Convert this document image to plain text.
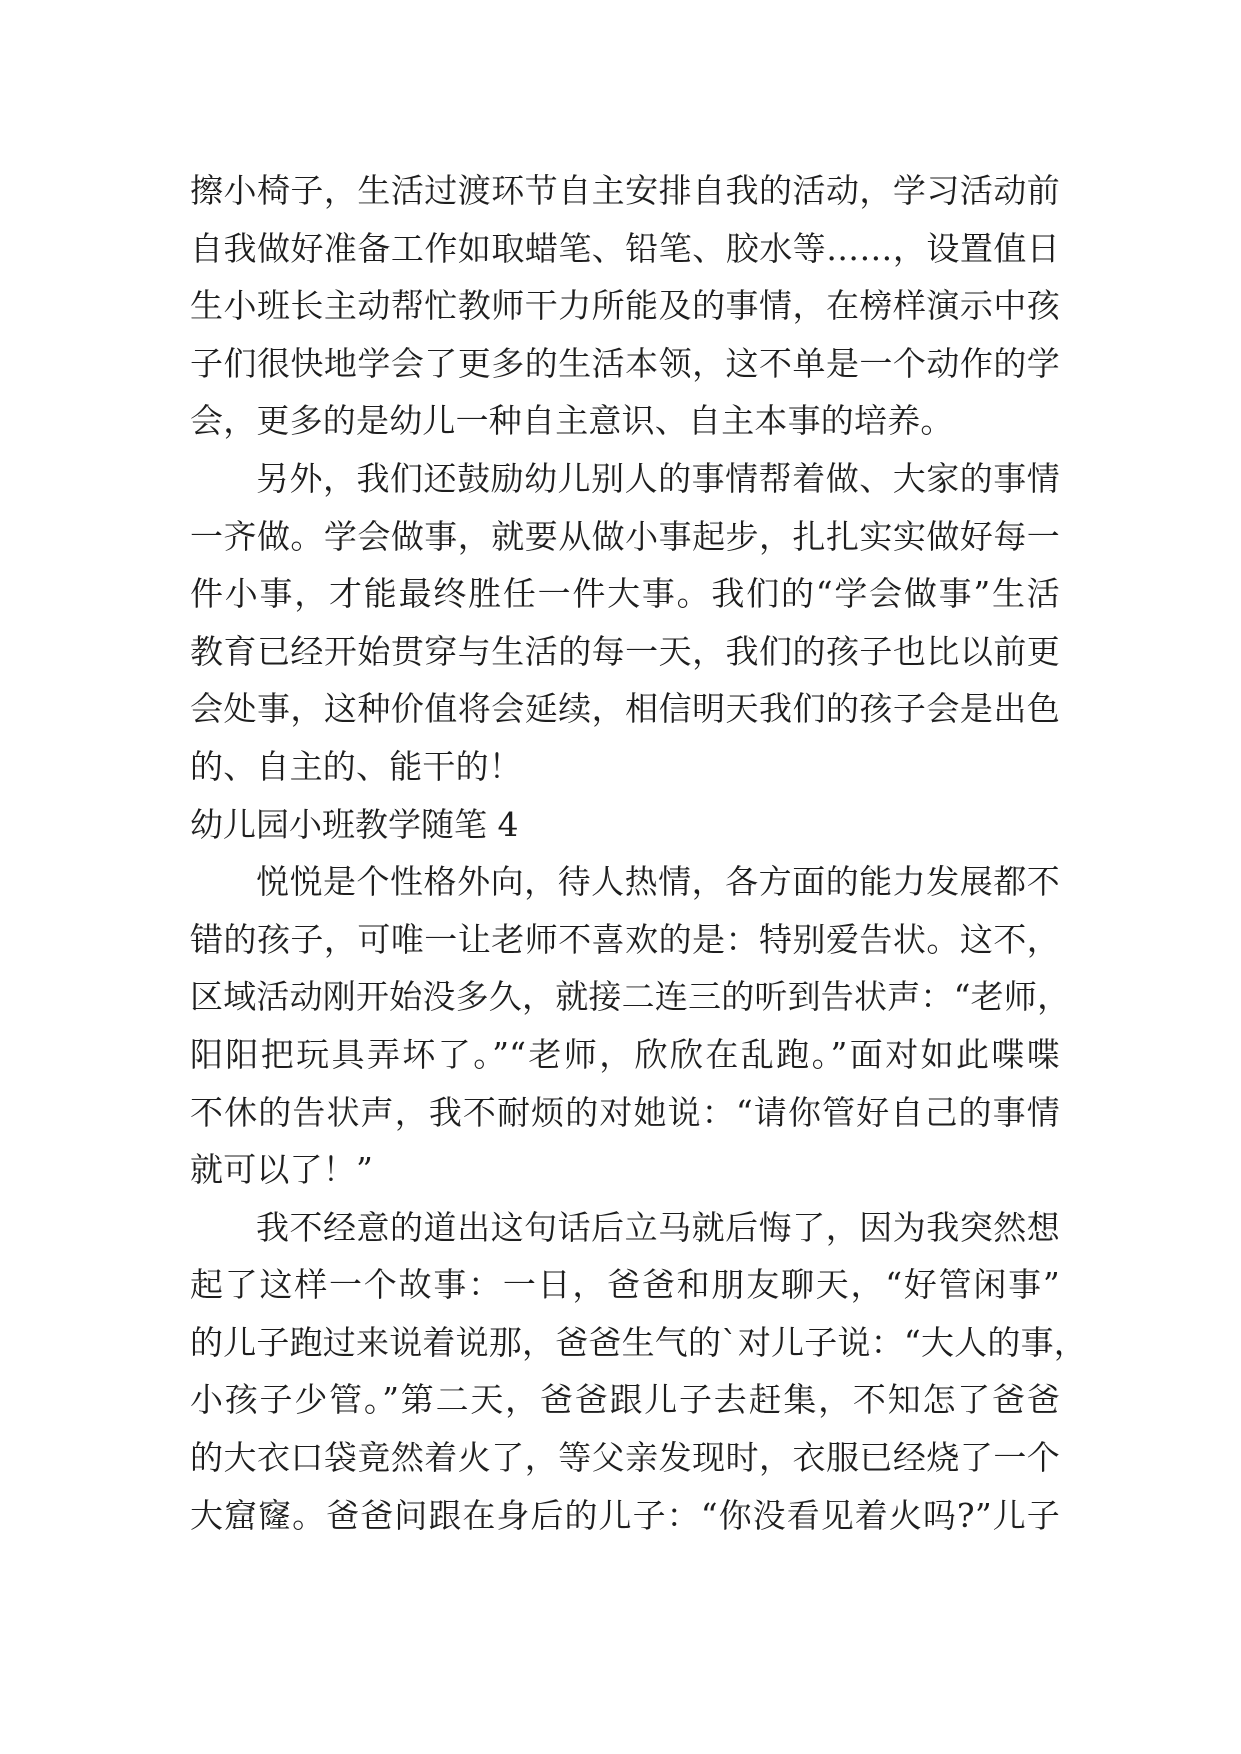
擦小椅子，生活过渡环节自主安排自我的活动，学习活动前
自我做好准备工作如取蜡笔、铅笔、胶水等……，设置值日
生小班长主动帮忙教师干力所能及的事情，在榜样演示中孩
子们很快地学会了更多的生活本领，这不单是一个动作的学
会，更多的是幼儿一种自主意识、自主本事的培养。
另外，我们还鼓励幼儿别人的事情帮着做、大家的事情
一齐做。学会做事，就要从做小事起步，扎扎实实做好每一
件小事，才能最终胜任一件大事。我们的“学会做事”生活
教育已经开始贯穿与生活的每一天，我们的孩子也比以前更
会处事，这种价值将会延续，相信明天我们的孩子会是出色
的、自主的、能干的！
幼儿园小班教学随笔 4
悦悦是个性格外向，待人热情，各方面的能力发展都不
错的孩子，可唯一让老师不喜欢的是：特别爱告状。这不，
区域活动刚开始没多久，就接二连三的听到告状声：“老师，
阳阳把玩具弄坏了。”“老师，欣欣在乱跑。”面对如此喋喋
不休的告状声，我不耐烦的对她说：“请你管好自己的事情
就可以了！”
我不经意的道出这句话后立马就后悔了，因为我突然想
起了这样一个故事：一日，爸爸和朋友聊天，“好管闲事”
的儿子跑过来说着说那，爸爸生气的`对儿子说：“大人的事，
小孩子少管。”第二天，爸爸跟儿子去赶集，不知怎了爸爸
的大衣口袋竟然着火了，等父亲发现时，衣服已经烧了一个
大窟窿。爸爸问跟在身后的儿子：“你没看见着火吗?”儿子
